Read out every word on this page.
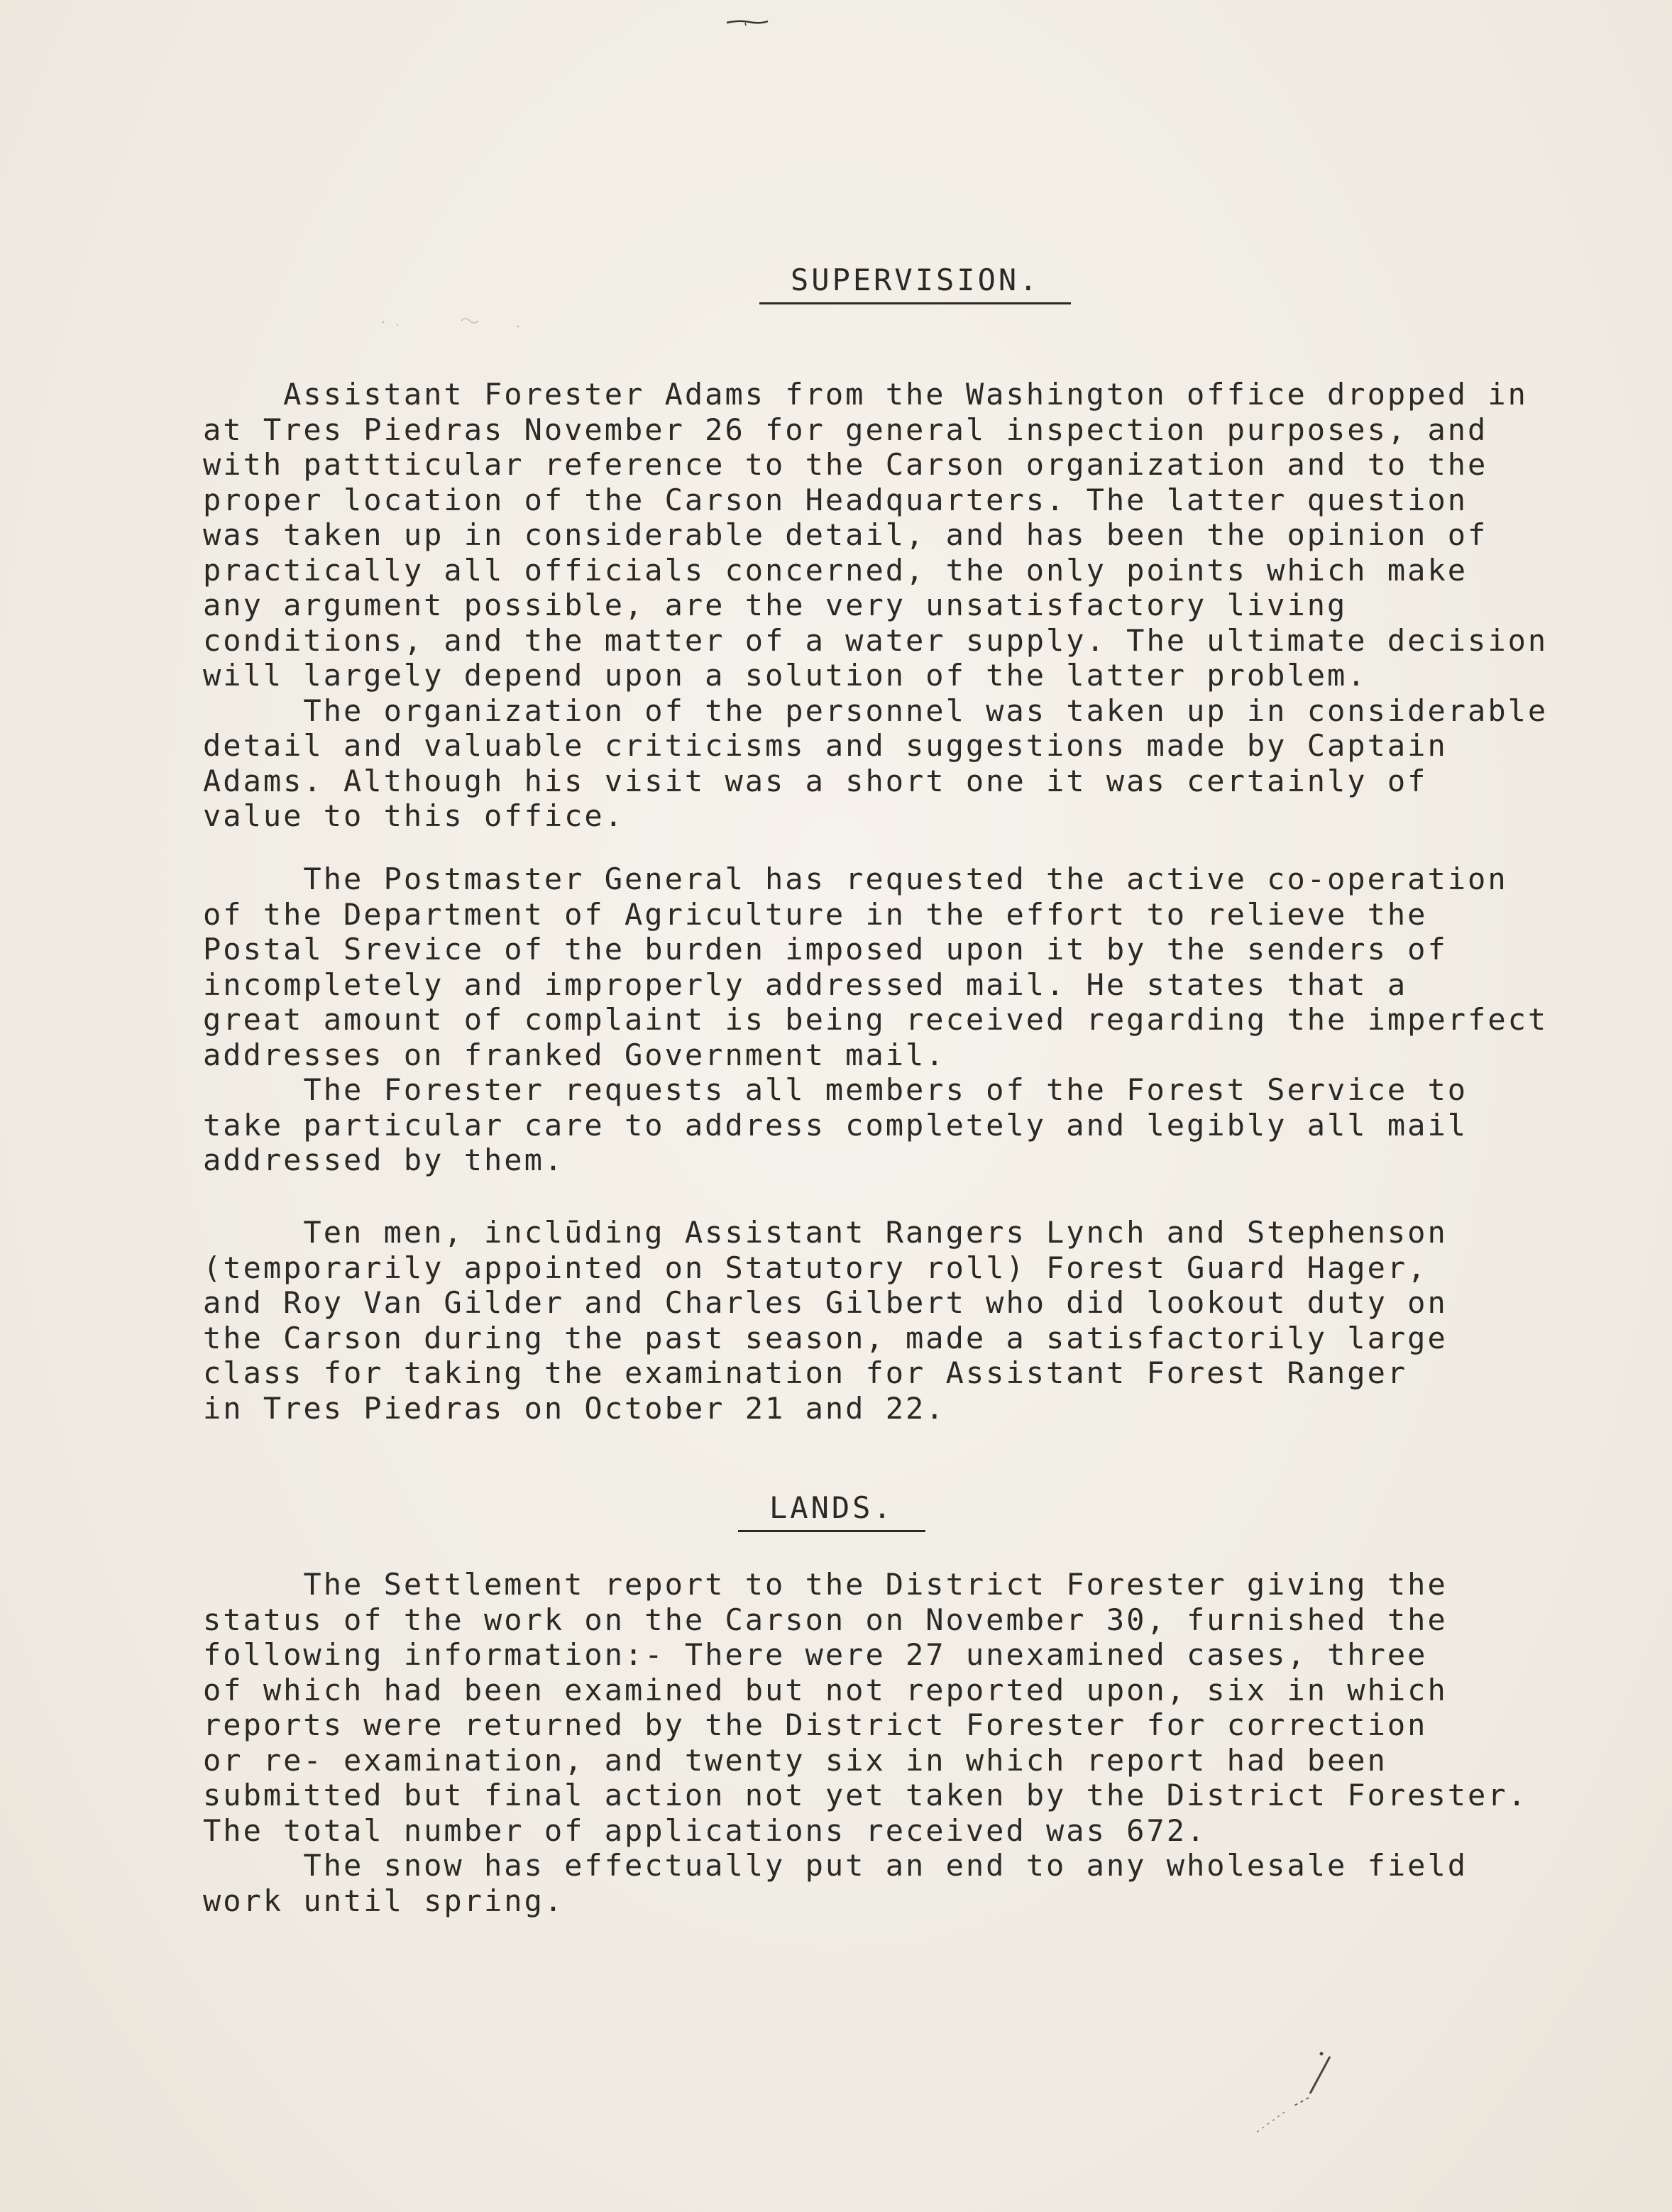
SUPERVISION.

Assistant Forester Adams from the Washington office dropped in
at Tres Piedras November 26 for general inspection purposes, and
with pattticular reference to the Carson organization and to the
proper location of the Carson Headquarters. The latter question
was taken up in considerable detail, and has been the opinion of
practically all officials concerned, the only points which make
any argument possible, are the very unsatisfactory living
conditions, and the matter of a water supply. The ultimate decision
will largely depend upon a solution of the latter problem.
The organization of the personnel was taken up in considerable
detail and valuable criticisms and suggestions made by Captain
Adams. Although his visit was a short one it was certainly of
value to this office.

The Postmaster General has requested the active co-operation
of the Department of Agriculture in the effort to relieve the
Postal Srevice of the burden imposed upon it by the senders of
incompletely and improperly addressed mail. He states that a
great amount of complaint is being received regarding the imperfect
addresses on franked Government mail.
The Forester requests all members of the Forest Service to
take particular care to address completely and legibly all mail
addressed by them.

Ten men, inclūding Assistant Rangers Lynch and Stephenson
(temporarily appointed on Statutory roll) Forest Guard Hager,
and Roy Van Gilder and Charles Gilbert who did lookout duty on
the Carson during the past season, made a satisfactorily large
class for taking the examination for Assistant Forest Ranger
in Tres Piedras on October 21 and 22.

LANDS.

The Settlement report to the District Forester giving the
status of the work on the Carson on November 30, furnished the
following information:- There were 27 unexamined cases, three
of which had been examined but not reported upon, six in which
reports were returned by the District Forester for correction
or re- examination, and twenty six in which report had been
submitted but final action not yet taken by the District Forester.
The total number of applications received was 672.
The snow has effectually put an end to any wholesale field
work until spring.
